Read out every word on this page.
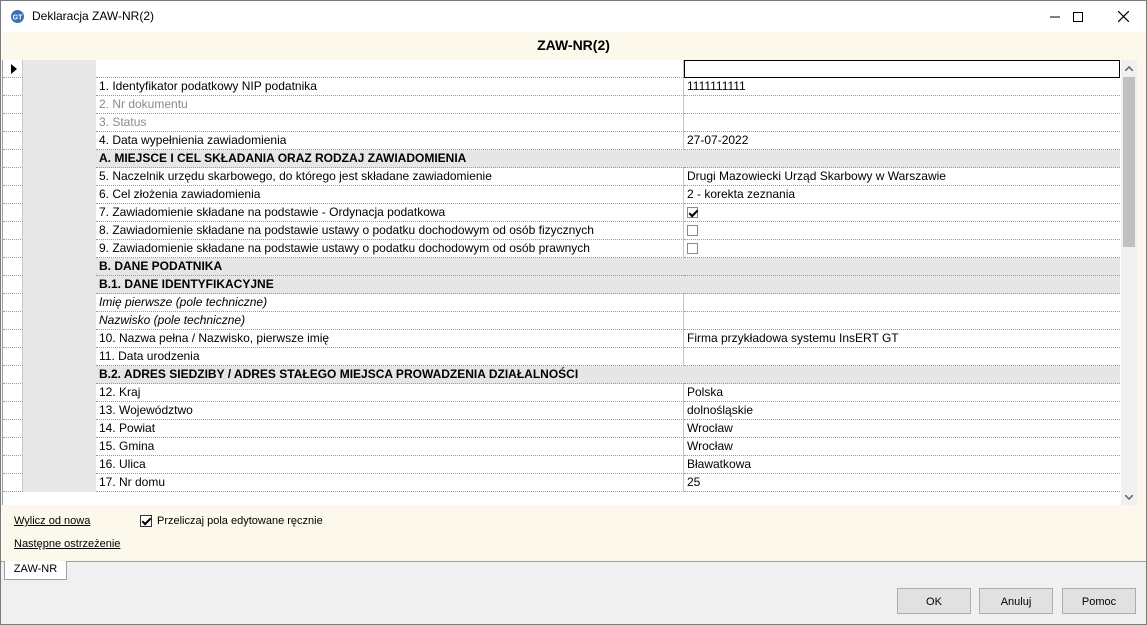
GT Deklaracja ZAW-NR(2)
ZAW-NR(2)
1. Identyfikator podatkowy NIP podatnika	1111111111
2. Nr dokumentu
3. Status
4. Data wypełnienia zawiadomienia	27-07-2022
A. MIEJSCE I CEL SKŁADANIA ORAZ RODZAJ ZAWIADOMIENIA
5. Naczelnik urzędu skarbowego, do którego jest składane zawiadomienie	Drugi Mazowiecki Urząd Skarbowy w Warszawie
6. Cel złożenia zawiadomienia	2 - korekta zeznania
7. Zawiadomienie składane na podstawie - Ordynacja podatkowa
8. Zawiadomienie składane na podstawie ustawy o podatku dochodowym od osób fizycznych
9. Zawiadomienie składane na podstawie ustawy o podatku dochodowym od osób prawnych
B. DANE PODATNIKA
B.1. DANE IDENTYFIKACYJNE
Imię pierwsze (pole techniczne)
Nazwisko (pole techniczne)
10. Nazwa pełna / Nazwisko, pierwsze imię	Firma przykładowa systemu InsERT GT
11. Data urodzenia
B.2. ADRES SIEDZIBY / ADRES STAŁEGO MIEJSCA PROWADZENIA DZIAŁALNOŚCI
12. Kraj	Polska
13. Województwo	dolnośląskie
14. Powiat	Wrocław
15. Gmina	Wrocław
16. Ulica	Bławatkowa
17. Nr domu	25
Wylicz od nowa	Przeliczaj pola edytowane ręcznie
Następne ostrzeżenie
ZAW-NR
OK	Anuluj	Pomoc
